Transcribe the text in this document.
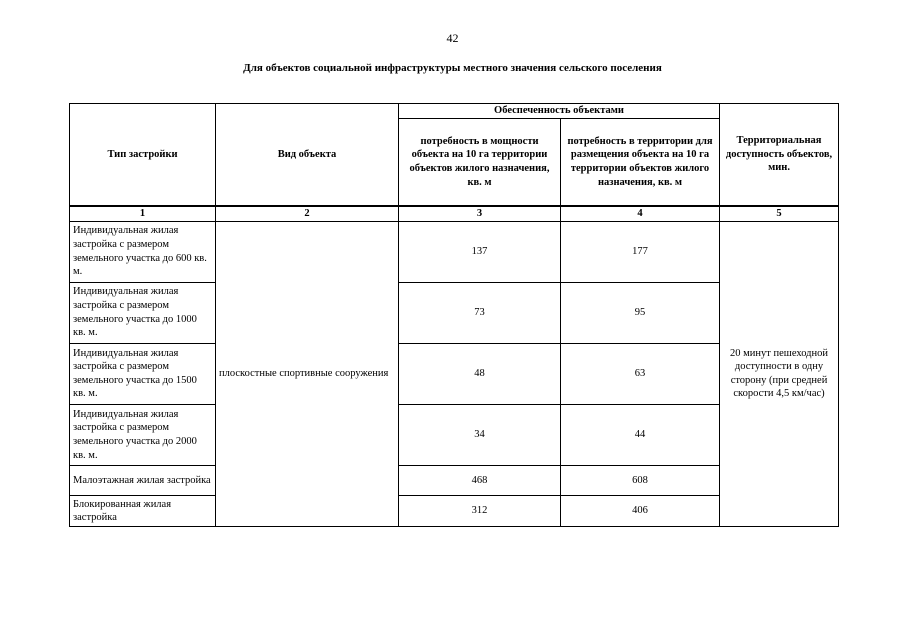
42
Для объектов социальной инфраструктуры местного значения сельского поселения
Тип застройки	Вид объекта	Обеспеченность объектами		Территориальная доступность объектов, мин.
		потребность в мощности объекта на 10 га территории объектов жилого назначения, кв. м	потребность в территории для размещения объекта на 10 га территории объектов жилого назначения, кв. м	
1	2	3	4	5
Индивидуальная жилая застройка с размером земельного участка до 600 кв. м.	плоскостные спортивные сооружения	137	177	20 минут пешеходной доступности в одну сторону (при средней скорости 4,5 км/час)
Индивидуальная жилая застройка с размером земельного участка до 1000 кв. м.		73	95	
Индивидуальная жилая застройка с размером земельного участка до 1500 кв. м.		48	63	
Индивидуальная жилая застройка с размером земельного участка до 2000 кв. м.		34	44	
Малоэтажная жилая застройка		468	608	
Блокированная жилая застройка		312	406	
